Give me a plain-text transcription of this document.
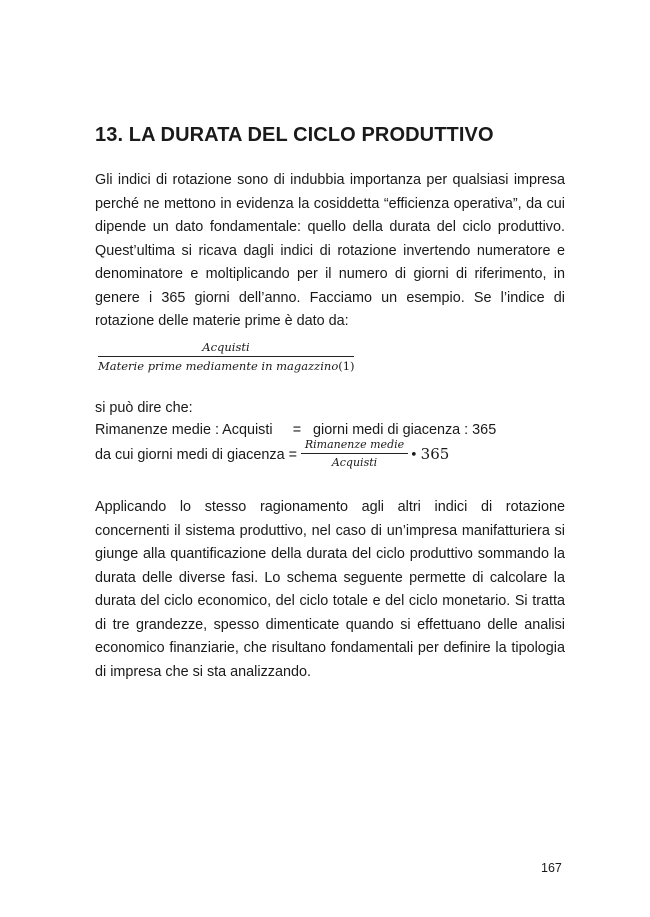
13. LA DURATA DEL CICLO PRODUTTIVO

Gli indici di rotazione sono di indubbia importanza per qualsiasi impresa perché ne mettono in evidenza la cosiddetta “efficienza operativa”, da cui dipende un dato fondamentale: quello della durata del ciclo produttivo. Quest’ultima si ricava dagli indici di rotazione invertendo numeratore e denominatore e moltiplicando per il numero di giorni di riferimento, in genere i 365 giorni dell’anno. Facciamo un esempio. Se l’indice di rotazione delle materie prime è dato da:

Acquisti
Materie prime mediamente in magazzino(1)
si può dire che:
Rimanenze medie : Acquisti = giorni medi di giacenza : 365
da cui giorni medi di giacenza =
Rimanenze medie
Acquisti	• 365

Applicando lo stesso ragionamento agli altri indici di rotazione concernenti il sistema produttivo, nel caso di un’impresa manifatturiera si giunge alla quantificazione della durata del ciclo produttivo sommando la durata delle diverse fasi. Lo schema seguente permette di calcolare la durata del ciclo economico, del ciclo totale e del ciclo monetario. Si tratta di tre grandezze, spesso dimenticate quando si effettuano delle analisi economico finanziarie, che risultano fondamentali per definire la tipologia di impresa che si sta analizzando.

167
